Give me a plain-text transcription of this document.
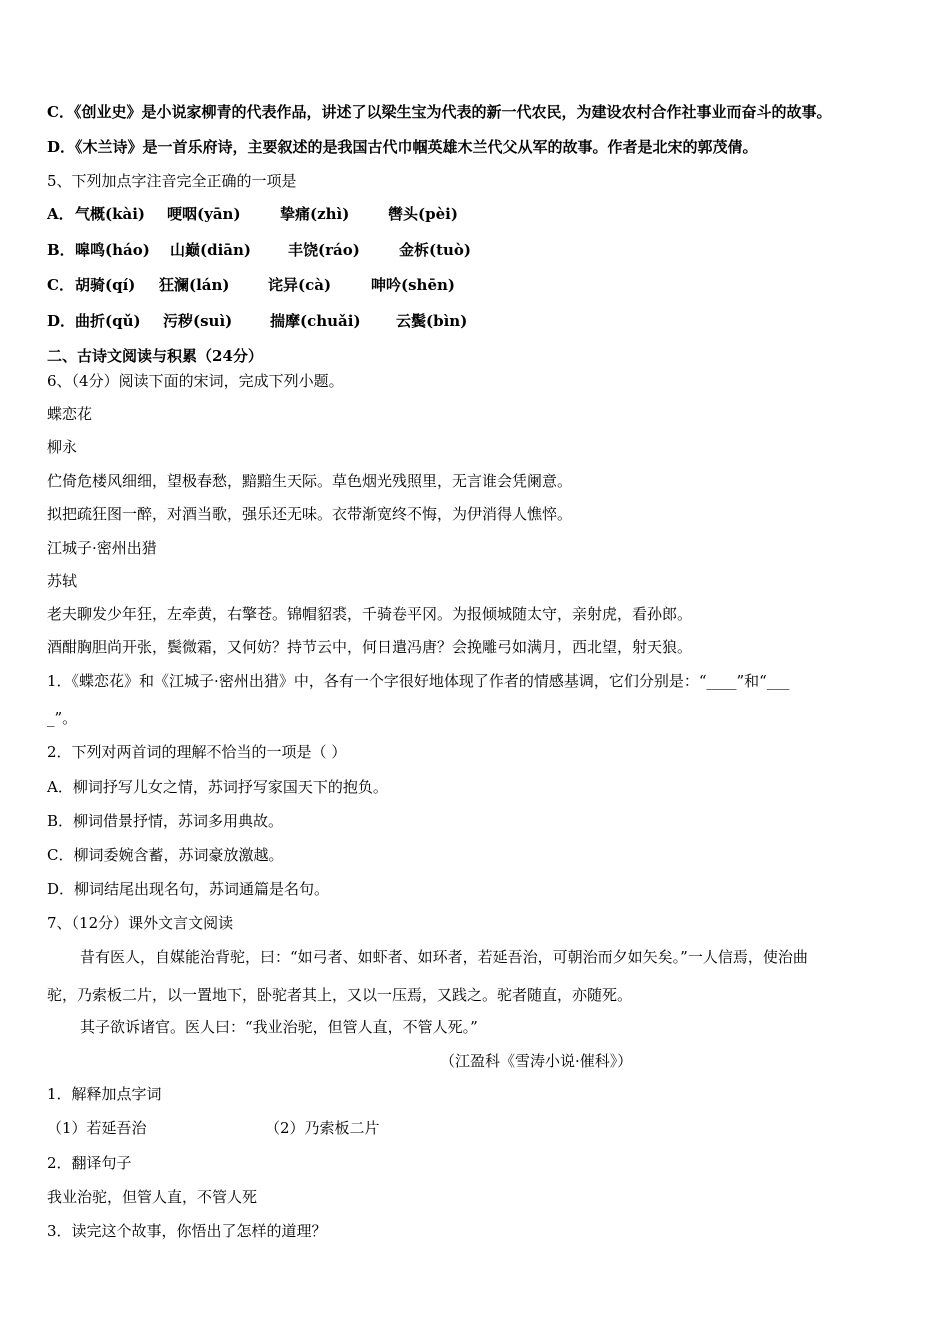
C．《创业史》是小说家柳青的代表作品，讲述了以梁生宝为代表的新一代农民，为建设农村合作社事业而奋斗的故事。
D．《木兰诗》是一首乐府诗，主要叙述的是我国古代巾帼英雄木兰代父从军的故事。作者是北宋的郭茂倩。
5、下列加点字注音完全正确的一项是
A． 气概(kài) 哽咽(yān)	挚痛(zhì)	辔头(pèi)
B． 嗥鸣(háo) 山巅(diān) 丰饶(ráo)	金柝(tuò)
C． 胡骑(qí) 狂澜(lán)	诧异(cà)	呻吟(shēn)
D． 曲折(qǔ) 污秽(suì)	揣摩(chuǎi) 云鬓(bìn)
二、古诗文阅读与积累（24分）
6、（4分）阅读下面的宋词，完成下列小题。
蝶恋花
柳永
伫倚危楼风细细，望极春愁，黯黯生天际。草色烟光残照里，无言谁会凭阑意。
拟把疏狂图一醉，对酒当歌，强乐还无味。衣带渐宽终不悔，为伊消得人憔悴。
江城子·密州出猎
苏轼
老夫聊发少年狂，左牵黄，右擎苍。锦帽貂裘，千骑卷平冈。为报倾城随太守，亲射虎，看孙郎。
酒酣胸胆尚开张，鬓微霜，又何妨？持节云中，何日遣冯唐？会挽雕弓如满月，西北望，射天狼。
1．《蝶恋花》和《江城子·密州出猎》中，各有一个字很好地体现了作者的情感基调，它们分别是：“____”和“___
_”。
2．下列对两首词的理解不恰当的一项是（ ）
A．柳词抒写儿女之情，苏词抒写家国天下的抱负。
B．柳词借景抒情，苏词多用典故。
C．柳词委婉含蓄，苏词豪放激越。
D．柳词结尾出现名句，苏词通篇是名句。
7、（12分）课外文言文阅读
昔有医人，自媒能治背驼，曰：“如弓者、如虾者、如环者，若延吾治，可朝治而夕如矢矣。”一人信焉，使治曲
驼，乃索板二片，以一置地下，卧驼者其上，又以一压焉，又践之。驼者随直，亦随死。
其子欲诉诸官。医人曰：“我业治驼，但管人直，不管人死。”
（江盈科《雪涛小说·催科》）
1．解释加点字词
（1）若延吾治	（2）乃索板二片
2．翻译句子
我业治驼，但管人直，不管人死
3．读完这个故事，你悟出了怎样的道理？
